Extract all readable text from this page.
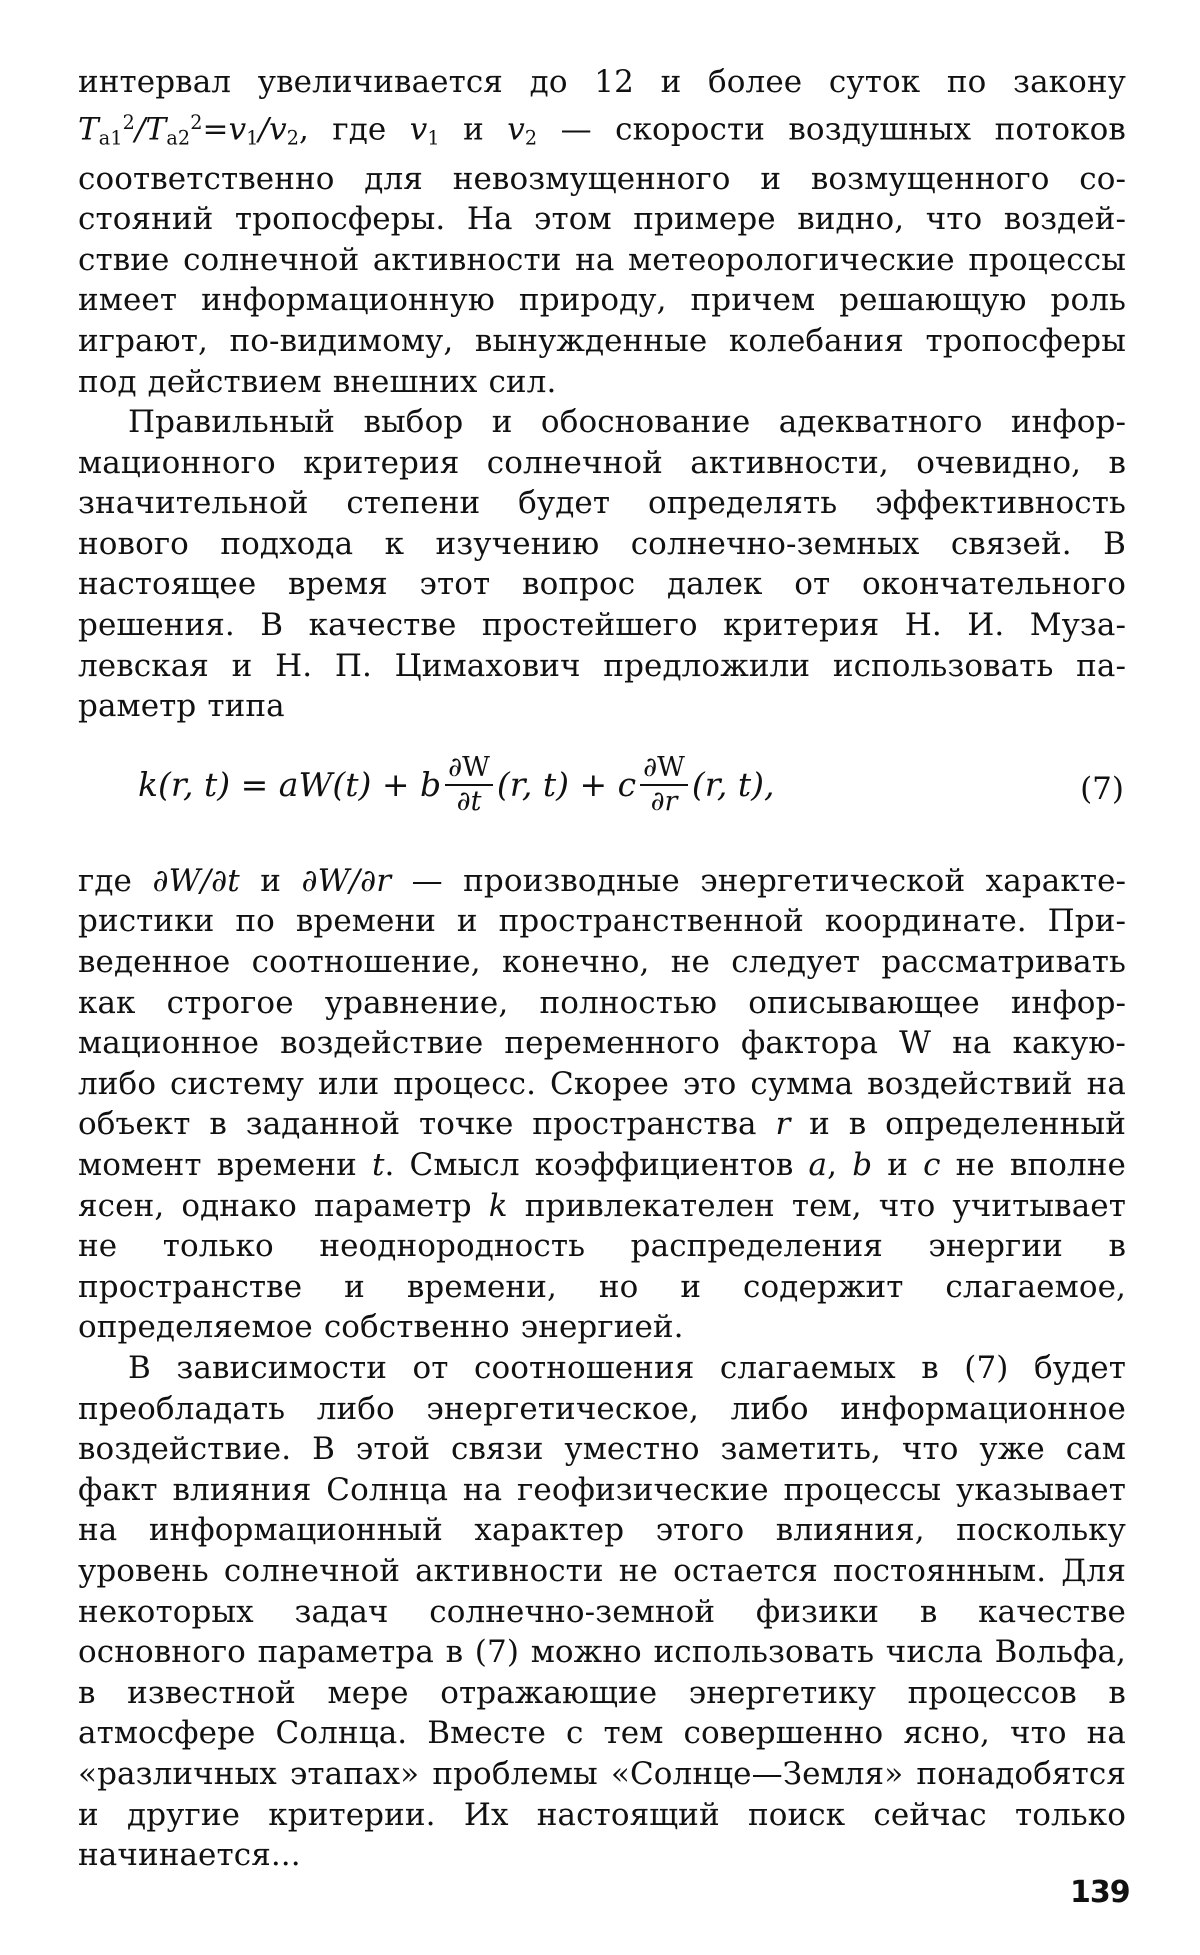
интервал увеличивается до 12 и более суток по закону $T_{a1}^2/T_{a2}^2=v_1/v_2$, где $v_1$ и $v_2$ — скорости воздушных потоков соответственно для невозмущенного и возмущенного состояний тропосферы. На этом примере видно, что воздействие солнечной активности на метеорологические процессы имеет информационную природу, причем решающую роль играют, по-видимому, вынужденные колебания тропосферы под действием внешних сил.

Правильный выбор и обоснование адекватного информационного критерия солнечной активности, очевидно, в значительной степени будет определять эффективность нового подхода к изучению солнечно-земных связей. В настоящее время этот вопрос далек от окончательного решения. В качестве простейшего критерия Н. И. Музалевская и Н. П. Цимахович предложили использовать параметр типа

k(r, t) = aW(t) + b $\frac{\partial W}{\partial t} (r$, t) + c $\frac{\partial W}{\partial r} (r$, t),	(7)

где ∂W/∂t и ∂W/∂r — производные энергетической характеристики по времени и пространственной координате. Приведенное соотношение, конечно, не следует рассматривать как строгое уравнение, полностью описывающее информационное воздействие переменного фактора W на какую-либо систему или процесс. Скорее это сумма воздействий на объект в заданной точке пространства r и в определенный момент времени t. Смысл коэффициентов a, b и c не вполне ясен, однако параметр k привлекателен тем, что учитывает не только неоднородность распределения энергии в пространстве и времени, но и содержит слагаемое, определяемое собственно энергией.

В зависимости от соотношения слагаемых в (7) будет преобладать либо энергетическое, либо информационное воздействие. В этой связи уместно заметить, что уже сам факт влияния Солнца на геофизические процессы указывает на информационный характер этого влияния, поскольку уровень солнечной активности не остается постоянным. Для некоторых задач солнечно-земной физики в качестве основного параметра в (7) можно использовать числа Вольфа, в известной мере отражающие энергетику процессов в атмосфере Солнца. Вместе с тем совершенно ясно, что на «различных этапах» проблемы «Солнце—Земля» понадобятся и другие критерии. Их настоящий поиск сейчас только начинается...

139
